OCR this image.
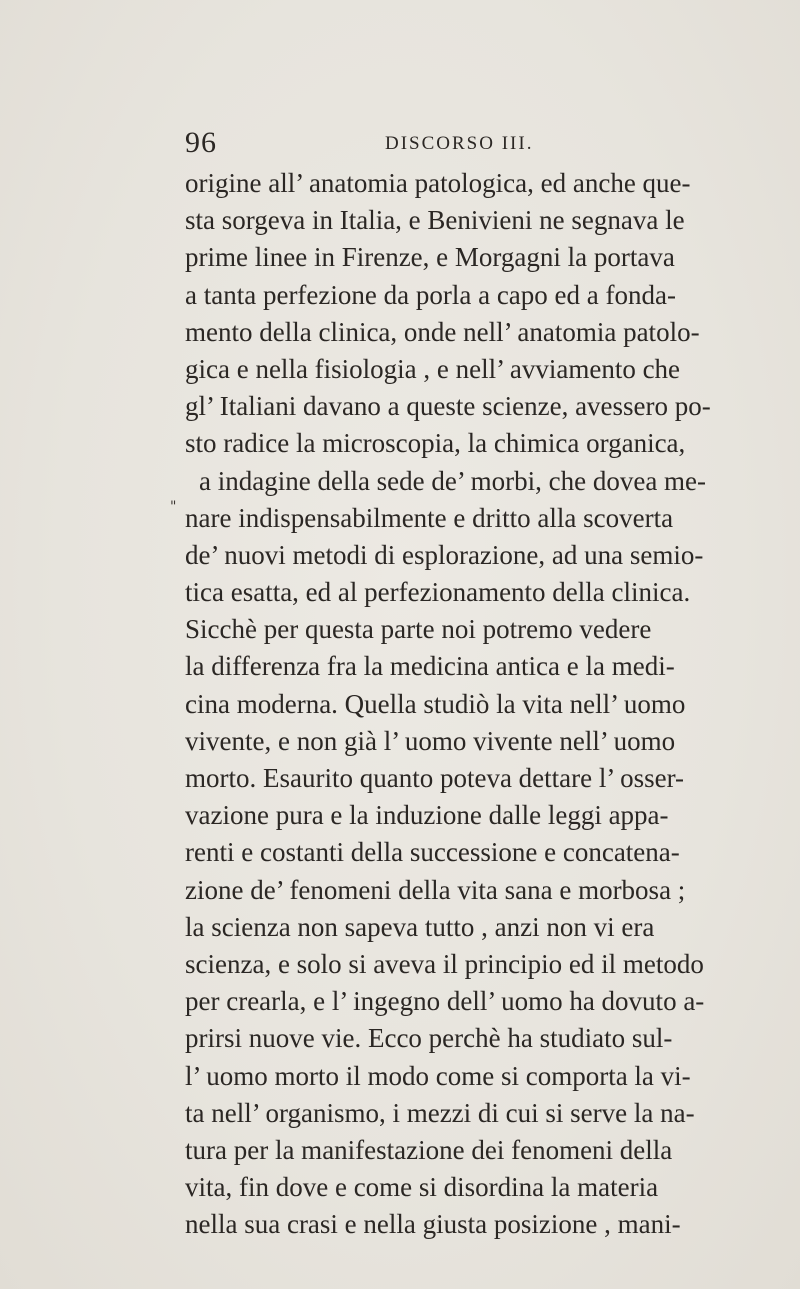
96	DISCORSO III.
"
origine all’ anatomia patologica, ed anche que-
sta sorgeva in Italia, e Benivieni ne segnava le
prime linee in Firenze, e Morgagni la portava
a tanta perfezione da porla a capo ed a fonda-
mento della clinica, onde nell’ anatomia patolo-
gica e nella fisiologia , e nell’ avviamento che
gl’ Italiani davano a queste scienze, avessero po-
sto radice la microscopia, la chimica organica,
a indagine della sede de’ morbi, che dovea me-
nare indispensabilmente e dritto alla scoverta
de’ nuovi metodi di esplorazione, ad una semio-
tica esatta, ed al perfezionamento della clinica.
Sicchè per questa parte noi potremo vedere
la differenza fra la medicina antica e la medi-
cina moderna. Quella studiò la vita nell’ uomo
vivente, e non già l’ uomo vivente nell’ uomo
morto. Esaurito quanto poteva dettare l’ osser-
vazione pura e la induzione dalle leggi appa-
renti e costanti della successione e concatena-
zione de’ fenomeni della vita sana e morbosa ;
la scienza non sapeva tutto , anzi non vi era
scienza, e solo si aveva il principio ed il metodo
per crearla, e l’ ingegno dell’ uomo ha dovuto a-
prirsi nuove vie. Ecco perchè ha studiato sul-
l’ uomo morto il modo come si comporta la vi-
ta nell’ organismo, i mezzi di cui si serve la na-
tura per la manifestazione dei fenomeni della
vita, fin dove e come si disordina la materia
nella sua crasi e nella giusta posizione , mani-
